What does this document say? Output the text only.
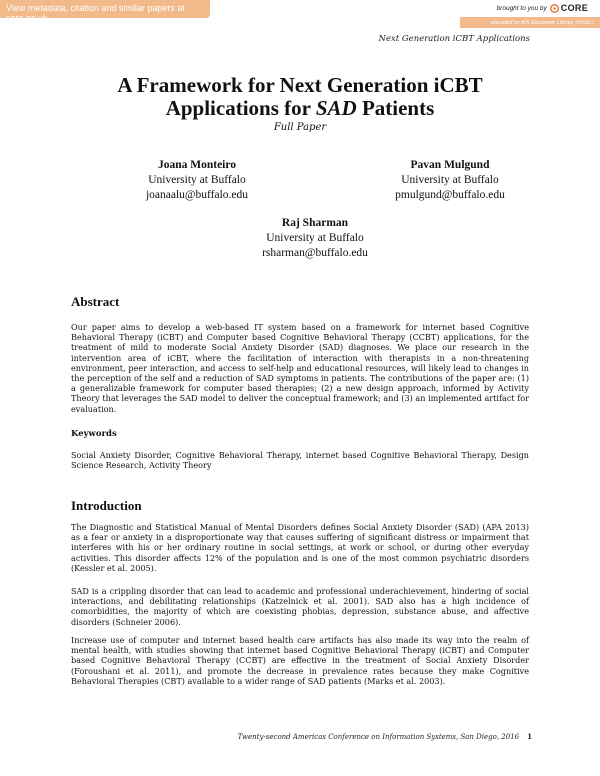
View metadata, citation and similar papers at core.ac.uk
brought to you by CORE
provided by AIS Electronic Library (AISeL)
Next Generation iCBT Applications
A Framework for Next Generation iCBT
Applications for SAD Patients
Full Paper
Joana Monteiro
University at Buffalo
joanaalu@buffalo.edu
Pavan Mulgund
University at Buffalo
pmulgund@buffalo.edu
Raj Sharman
University at Buffalo
rsharman@buffalo.edu
Abstract
Our paper aims to develop a web-based IT system based on a framework for internet based Cognitive Behavioral Therapy (iCBT) and Computer based Cognitive Behavioral Therapy (CCBT) applications, for the treatment of mild to moderate Social Anxiety Disorder (SAD) diagnoses. We place our research in the intervention area of iCBT, where the facilitation of interaction with therapists in a non-threatening environment, peer interaction, and access to self-help and educational resources, will likely lead to changes in the perception of the self and a reduction of SAD symptoms in patients. The contributions of the paper are: (1) a generalizable framework for computer based therapies; (2) a new design approach, informed by Activity Theory that leverages the SAD model to deliver the conceptual framework; and (3) an implemented artifact for evaluation.
Keywords
Social Anxiety Disorder, Cognitive Behavioral Therapy, internet based Cognitive Behavioral Therapy, Design Science Research, Activity Theory
Introduction
The Diagnostic and Statistical Manual of Mental Disorders defines Social Anxiety Disorder (SAD) (APA 2013) as a fear or anxiety in a disproportionate way that causes suffering of significant distress or impairment that interferes with his or her ordinary routine in social settings, at work or school, or during other everyday activities. This disorder affects 12% of the population and is one of the most common psychiatric disorders (Kessler et al. 2005).
SAD is a crippling disorder that can lead to academic and professional underachievement, hindering of social interactions, and debilitating relationships (Katzelnick et al. 2001). SAD also has a high incidence of comorbidities, the majority of which are coexisting phobias, depression, substance abuse, and affective disorders (Schneier 2006).
Increase use of computer and internet based health care artifacts has also made its way into the realm of mental health, with studies showing that internet based Cognitive Behavioral Therapy (iCBT) and Computer based Cognitive Behavioral Therapy (CCBT) are effective in the treatment of Social Anxiety Disorder (Foroushani et al. 2011), and promote the decrease in prevalence rates because they make Cognitive Behavioral Therapies (CBT) available to a wider range of SAD patients (Marks et al. 2003).
Twenty-second Americas Conference on Information Systems, San Diego, 2016 1
